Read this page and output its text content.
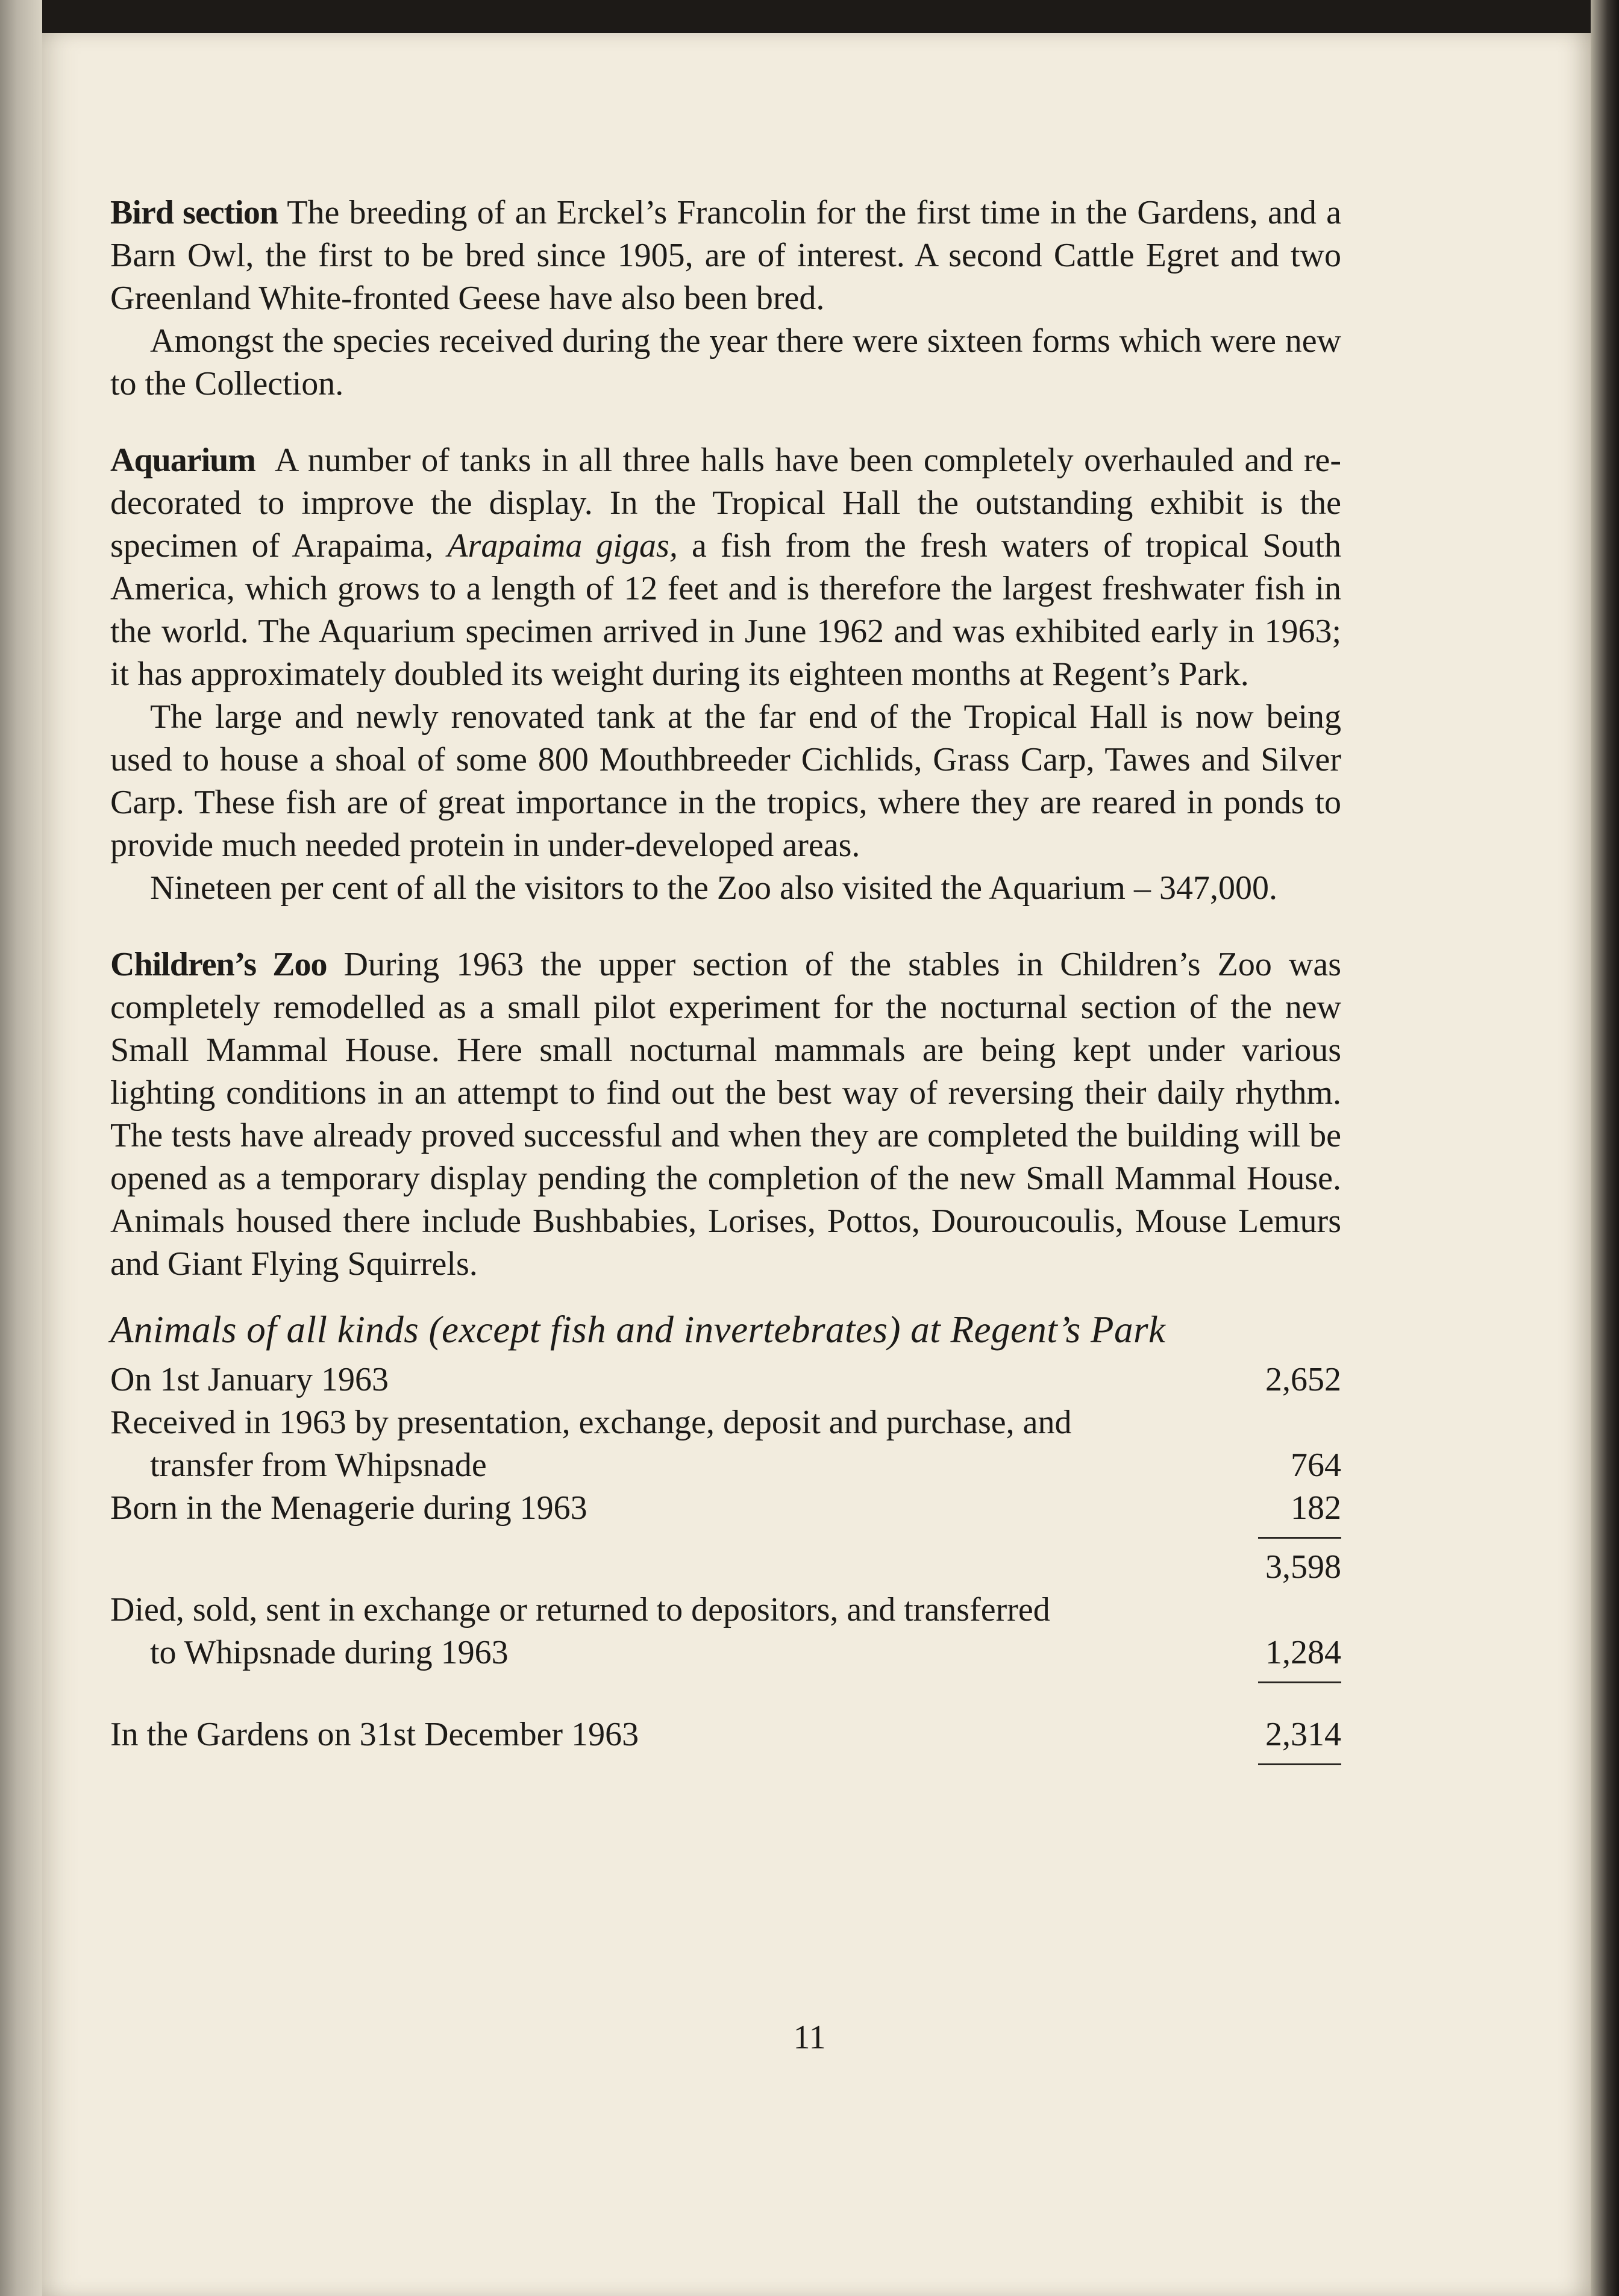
Bird section The breeding of an Erckel’s Francolin for the first time in the Gardens, and a Barn Owl, the first to be bred since 1905, are of interest. A second Cattle Egret and two Greenland White-fronted Geese have also been bred.

Amongst the species received during the year there were sixteen forms which were new to the Collection.

Aquarium A number of tanks in all three halls have been completely overhauled and re-decorated to improve the display. In the Tropical Hall the outstanding exhibit is the specimen of Arapaima, Arapaima gigas, a fish from the fresh waters of tropical South America, which grows to a length of 12 feet and is therefore the largest freshwater fish in the world. The Aquarium specimen arrived in June 1962 and was exhibited early in 1963; it has approximately doubled its weight during its eighteen months at Regent’s Park.

The large and newly renovated tank at the far end of the Tropical Hall is now being used to house a shoal of some 800 Mouthbreeder Cichlids, Grass Carp, Tawes and Silver Carp. These fish are of great importance in the tropics, where they are reared in ponds to provide much needed protein in under-developed areas.

Nineteen per cent of all the visitors to the Zoo also visited the Aquarium – 347,000.

Children’s Zoo During 1963 the upper section of the stables in Children’s Zoo was completely remodelled as a small pilot experiment for the nocturnal section of the new Small Mammal House. Here small nocturnal mammals are being kept under various lighting conditions in an attempt to find out the best way of reversing their daily rhythm. The tests have already proved successful and when they are completed the building will be opened as a temporary display pending the completion of the new Small Mammal House. Animals housed there include Bushbabies, Lorises, Pottos, Douroucoulis, Mouse Lemurs and Giant Flying Squirrels.

Animals of all kinds (except fish and invertebrates) at Regent’s Park
On 1st January 1963	2,652
Received in 1963 by presentation, exchange, deposit and purchase, and
transfer from Whipsnade	764
Born in the Menagerie during 1963	182
3,598
Died, sold, sent in exchange or returned to depositors, and transferred
to Whipsnade during 1963	1,284
In the Gardens on 31st December 1963	2,314
11
